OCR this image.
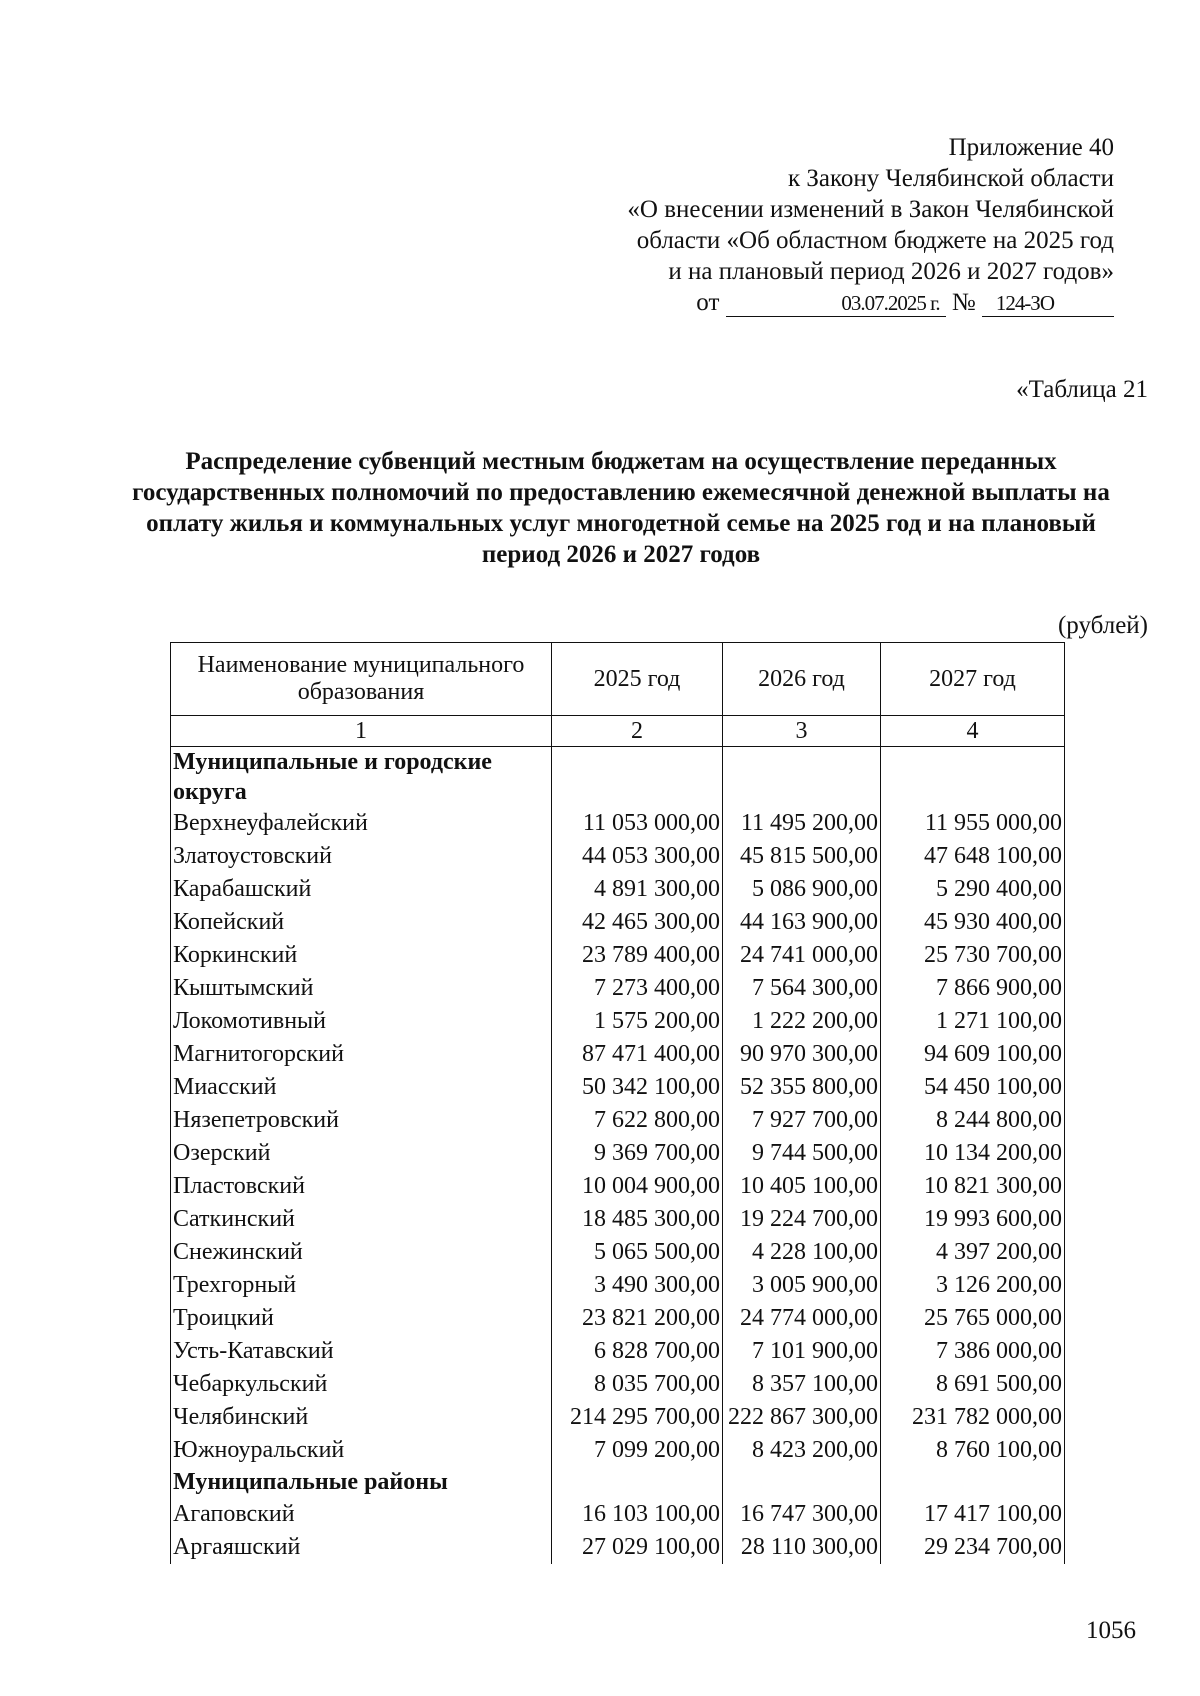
Приложение 40
к Закону Челябинской области
«О внесении изменений в Закон Челябинской
области «Об областном бюджете на 2025 год
и на плановый период 2026 и 2027 годов»
от	03.07.2025 г. № 124-ЗО
«Таблица 21
Распределение субвенций местным бюджетам на осуществление переданных государственных полномочий по предоставлению ежемесячной денежной выплаты на оплату жилья и коммунальных услуг многодетной семье на 2025 год и на плановый период 2026 и 2027 годов
(рублей)
Наименование муниципального образования	2025 год	2026 год	2027 год
1	2	3	4
Муниципальные и городские округа			
Верхнеуфалейский	11 053 000,00	11 495 200,00	11 955 000,00
Златоустовский	44 053 300,00	45 815 500,00	47 648 100,00
Карабашский	4 891 300,00	5 086 900,00	5 290 400,00
Копейский	42 465 300,00	44 163 900,00	45 930 400,00
Коркинский	23 789 400,00	24 741 000,00	25 730 700,00
Кыштымский	7 273 400,00	7 564 300,00	7 866 900,00
Локомотивный	1 575 200,00	1 222 200,00	1 271 100,00
Магнитогорский	87 471 400,00	90 970 300,00	94 609 100,00
Миасский	50 342 100,00	52 355 800,00	54 450 100,00
Нязепетровский	7 622 800,00	7 927 700,00	8 244 800,00
Озерский	9 369 700,00	9 744 500,00	10 134 200,00
Пластовский	10 004 900,00	10 405 100,00	10 821 300,00
Саткинский	18 485 300,00	19 224 700,00	19 993 600,00
Снежинский	5 065 500,00	4 228 100,00	4 397 200,00
Трехгорный	3 490 300,00	3 005 900,00	3 126 200,00
Троицкий	23 821 200,00	24 774 000,00	25 765 000,00
Усть-Катавский	6 828 700,00	7 101 900,00	7 386 000,00
Чебаркульский	8 035 700,00	8 357 100,00	8 691 500,00
Челябинский	214 295 700,00	222 867 300,00	231 782 000,00
Южноуральский	7 099 200,00	8 423 200,00	8 760 100,00
Муниципальные районы			
Агаповский	16 103 100,00	16 747 300,00	17 417 100,00
Аргаяшский	27 029 100,00	28 110 300,00	29 234 700,00
1056
